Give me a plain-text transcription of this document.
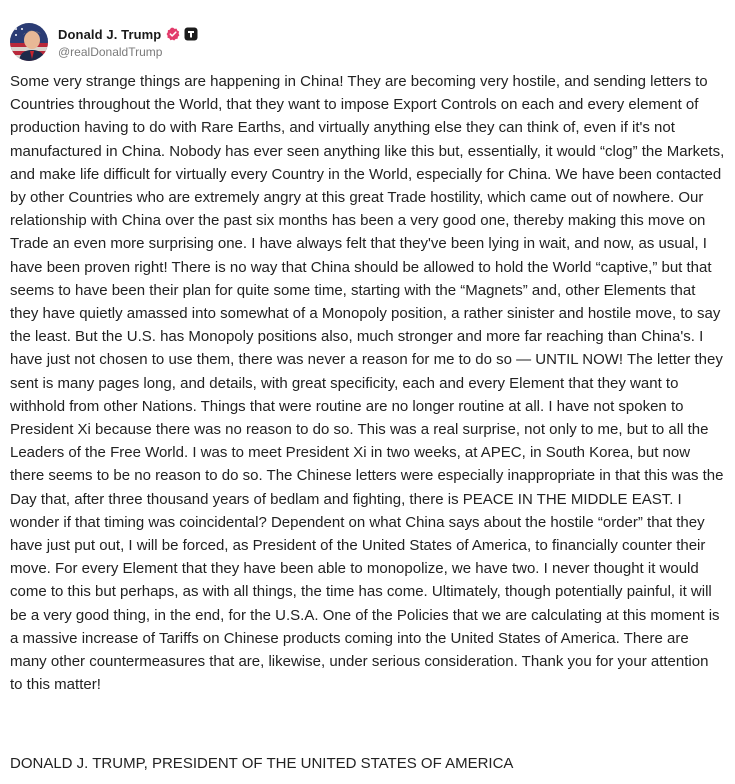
Donald J. Trump
@realDonaldTrump
Some very strange things are happening in China! They are becoming very hostile, and sending letters to Countries throughout the World, that they want to impose Export Controls on each and every element of production having to do with Rare Earths, and virtually anything else they can think of, even if it's not manufactured in China. Nobody has ever seen anything like this but, essentially, it would “clog” the Markets, and make life difficult for virtually every Country in the World, especially for China. We have been contacted by other Countries who are extremely angry at this great Trade hostility, which came out of nowhere. Our relationship with China over the past six months has been a very good one, thereby making this move on Trade an even more surprising one. I have always felt that they've been lying in wait, and now, as usual, I have been proven right! There is no way that China should be allowed to hold the World “captive,” but that seems to have been their plan for quite some time, starting with the “Magnets” and, other Elements that they have quietly amassed into somewhat of a Monopoly position, a rather sinister and hostile move, to say the least. But the U.S. has Monopoly positions also, much stronger and more far reaching than China's. I have just not chosen to use them, there was never a reason for me to do so — UNTIL NOW! The letter they sent is many pages long, and details, with great specificity, each and every Element that they want to withhold from other Nations. Things that were routine are no longer routine at all. I have not spoken to President Xi because there was no reason to do so. This was a real surprise, not only to me, but to all the Leaders of the Free World. I was to meet President Xi in two weeks, at APEC, in South Korea, but now there seems to be no reason to do so. The Chinese letters were especially inappropriate in that this was the Day that, after three thousand years of bedlam and fighting, there is PEACE IN THE MIDDLE EAST. I wonder if that timing was coincidental? Dependent on what China says about the hostile “order” that they have just put out, I will be forced, as President of the United States of America, to financially counter their move. For every Element that they have been able to monopolize, we have two. I never thought it would come to this but perhaps, as with all things, the time has come. Ultimately, though potentially painful, it will be a very good thing, in the end, for the U.S.A. One of the Policies that we are calculating at this moment is a massive increase of Tariffs on Chinese products coming into the United States of America. There are many other countermeasures that are, likewise, under serious consideration. Thank you for your attention to this matter!
DONALD J. TRUMP, PRESIDENT OF THE UNITED STATES OF AMERICA
